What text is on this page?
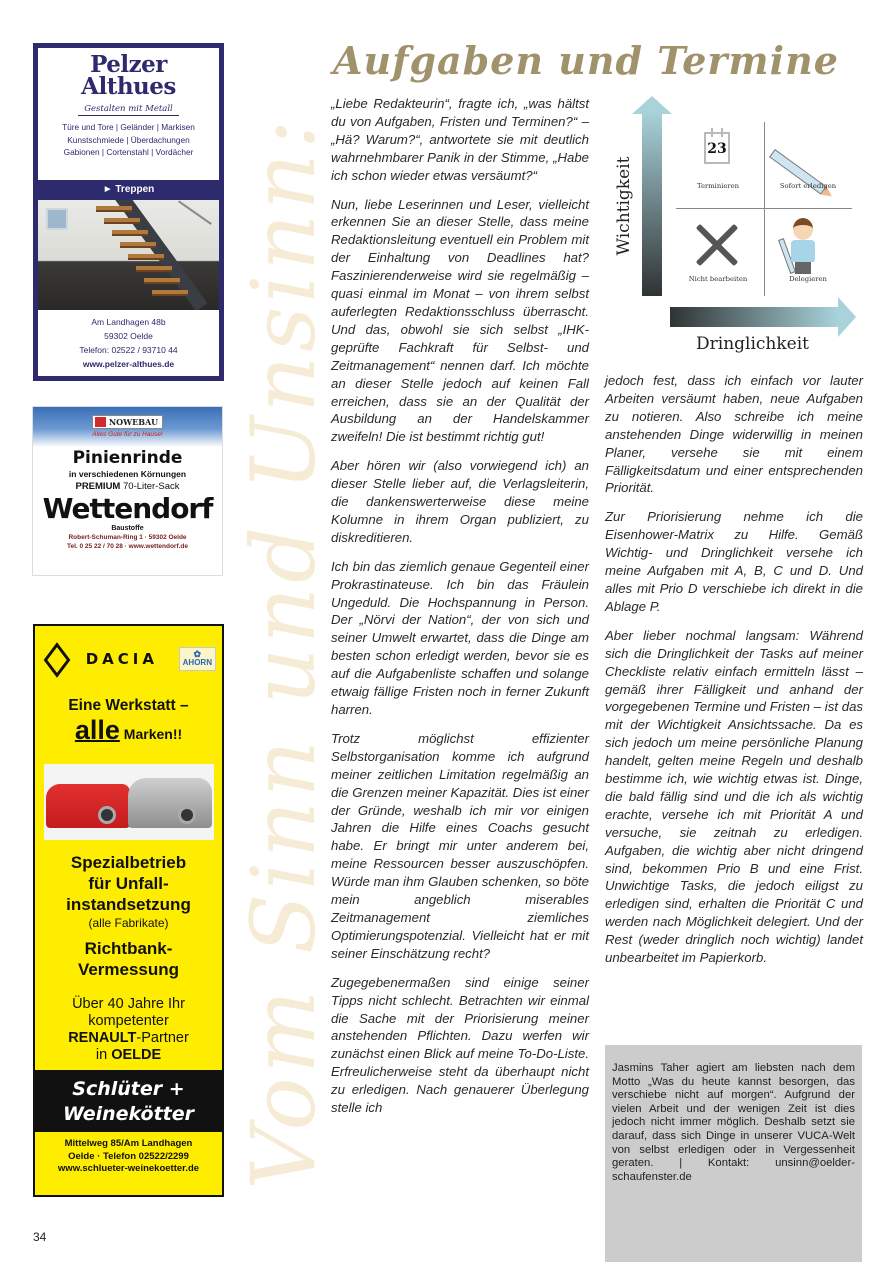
Pelzer
Althues
Gestalten mit Metall
Türe und Tore | Geländer | Markisen
Kunstschmiede | Überdachungen
Gabionen | Cortenstahl | Vordächer
► Treppen
Am Landhagen 48b
59302 Oelde
Telefon: 02522 / 93710 44
www.pelzer-althues.de
NOWEBAU
Alles Gute für zu Hause!
Pinienrinde
in verschiedenen Körnungen
PREMIUM 70-Liter-Sack
Wettendorf
Baustoffe
Robert-Schuman-Ring 1 · 59302 Oelde
Tel. 0 25 22 / 70 28 · www.wettendorf.de
DACIA	✿
AHORN
Eine Werkstatt –
alle Marken!!
Spezialbetrieb
für Unfall-
instandsetzung
(alle Fabrikate)
Richtbank-
Vermessung
Über 40 Jahre Ihr
kompetenter
RENAULT-Partner
in OELDE
Schlüter +
Weinekötter
Mittelweg 85/Am Landhagen
Oelde · Telefon 02522/2299
www.schlueter-weinekoetter.de
34
Vom Sinn und Unsinn:
Aufgaben und Termine

„Liebe Redakteurin“, fragte ich, „was hältst du von Aufgaben, Fristen und Terminen?“ – „Hä? Warum?“, antwortete sie mit deutlich wahrnehmbarer Panik in der Stimme, „Habe ich schon wieder etwas versäumt?“

Nun, liebe Leserinnen und Leser, vielleicht erkennen Sie an dieser Stelle, dass meine Redaktionsleitung eventuell ein Problem mit der Einhaltung von Deadlines hat? Faszinierenderweise wird sie regelmäßig – quasi einmal im Monat – von ihrem selbst auferlegten Redaktionsschluss überrascht. Und das, obwohl sie sich selbst „IHK-geprüfte Fachkraft für Selbst- und Zeitmanagement“ nennen darf. Ich möchte an dieser Stelle jedoch auf keinen Fall erreichen, dass sie an der Qualität der Ausbildung an der Handelskammer zweifeln! Die ist bestimmt richtig gut!

Aber hören wir (also vorwiegend ich) an dieser Stelle lieber auf, die Verlagsleiterin, die dankenswerterweise diese meine Kolumne in ihrem Organ publiziert, zu diskreditieren.

Ich bin das ziemlich genaue Gegenteil einer Prokrastinateuse. Ich bin das Fräulein Ungeduld. Die Hochspannung in Person. Der „Nörvi der Nation“, der von sich und seiner Umwelt erwartet, dass die Dinge am besten schon erledigt werden, bevor sie es auf die Aufgabenliste schaffen und solange etwaig fällige Fristen noch in ferner Zukunft harren.

Trotz möglichst effizienter Selbstorganisation komme ich aufgrund meiner zeitlichen Limitation regelmäßig an die Grenzen meiner Kapazität. Dies ist einer der Gründe, weshalb ich mir vor einigen Jahren die Hilfe eines Coachs gesucht habe. Er bringt mir unter anderem bei, meine Ressourcen besser auszuschöpfen. Würde man ihm Glauben schenken, so böte mein angeblich miserables Zeitmanagement ziemliches Optimierungspotenzial. Vielleicht hat er mit seiner Einschätzung recht?

Zugegebenermaßen sind einige seiner Tipps nicht schlecht. Betrachten wir einmal die Sache mit der Priorisierung meiner anstehenden Pflichten. Dazu werfen wir zunächst einen Blick auf meine To-Do-Liste. Erfreulicherweise steht da überhaupt nicht zu erledigen. Nach genauerer Überlegung stelle ich

Wichtigkeit
23
Terminieren	Sofort erledigen
Nicht bearbeiten	Delegieren
Dringlichkeit

jedoch fest, dass ich einfach vor lauter Arbeiten versäumt haben, neue Aufgaben zu notieren. Also schreibe ich meine anstehenden Dinge widerwillig in meinen Planer, versehe sie mit einem Fälligkeitsdatum und einer entsprechenden Priorität.

Zur Priorisierung nehme ich die Eisenhower-Matrix zu Hilfe. Gemäß Wichtig- und Dringlichkeit versehe ich meine Aufgaben mit A, B, C und D. Und alles mit Prio D verschiebe ich direkt in die Ablage P.

Aber lieber nochmal langsam: Während sich die Dringlichkeit der Tasks auf meiner Checkliste relativ einfach ermitteln lässt – gemäß ihrer Fälligkeit und anhand der vorgegebenen Termine und Fristen – ist das mit der Wichtigkeit Ansichtssache. Da es sich jedoch um meine persönliche Planung handelt, gelten meine Regeln und deshalb bestimme ich, wie wichtig etwas ist. Dinge, die bald fällig sind und die ich als wichtig erachte, versehe ich mit Priorität A und versuche, sie zeitnah zu erledigen. Aufgaben, die wichtig aber nicht dringend sind, bekommen Prio B und eine Frist. Unwichtige Tasks, die jedoch eiligst zu erledigen sind, erhalten die Priorität C und werden nach Möglichkeit delegiert. Und der Rest (weder dringlich noch wichtig) landet unbearbeitet im Papierkorb.

Jasmins Taher agiert am liebsten nach dem Motto „Was du heute kannst besorgen, das verschiebe nicht auf morgen“. Aufgrund der vielen Arbeit und der wenigen Zeit ist dies jedoch nicht immer möglich. Deshalb setzt sie darauf, dass sich Dinge in unserer VUCA-Welt von selbst erledigen oder in Vergessenheit geraten. | Kontakt: unsinn@oelder-schaufenster.de
